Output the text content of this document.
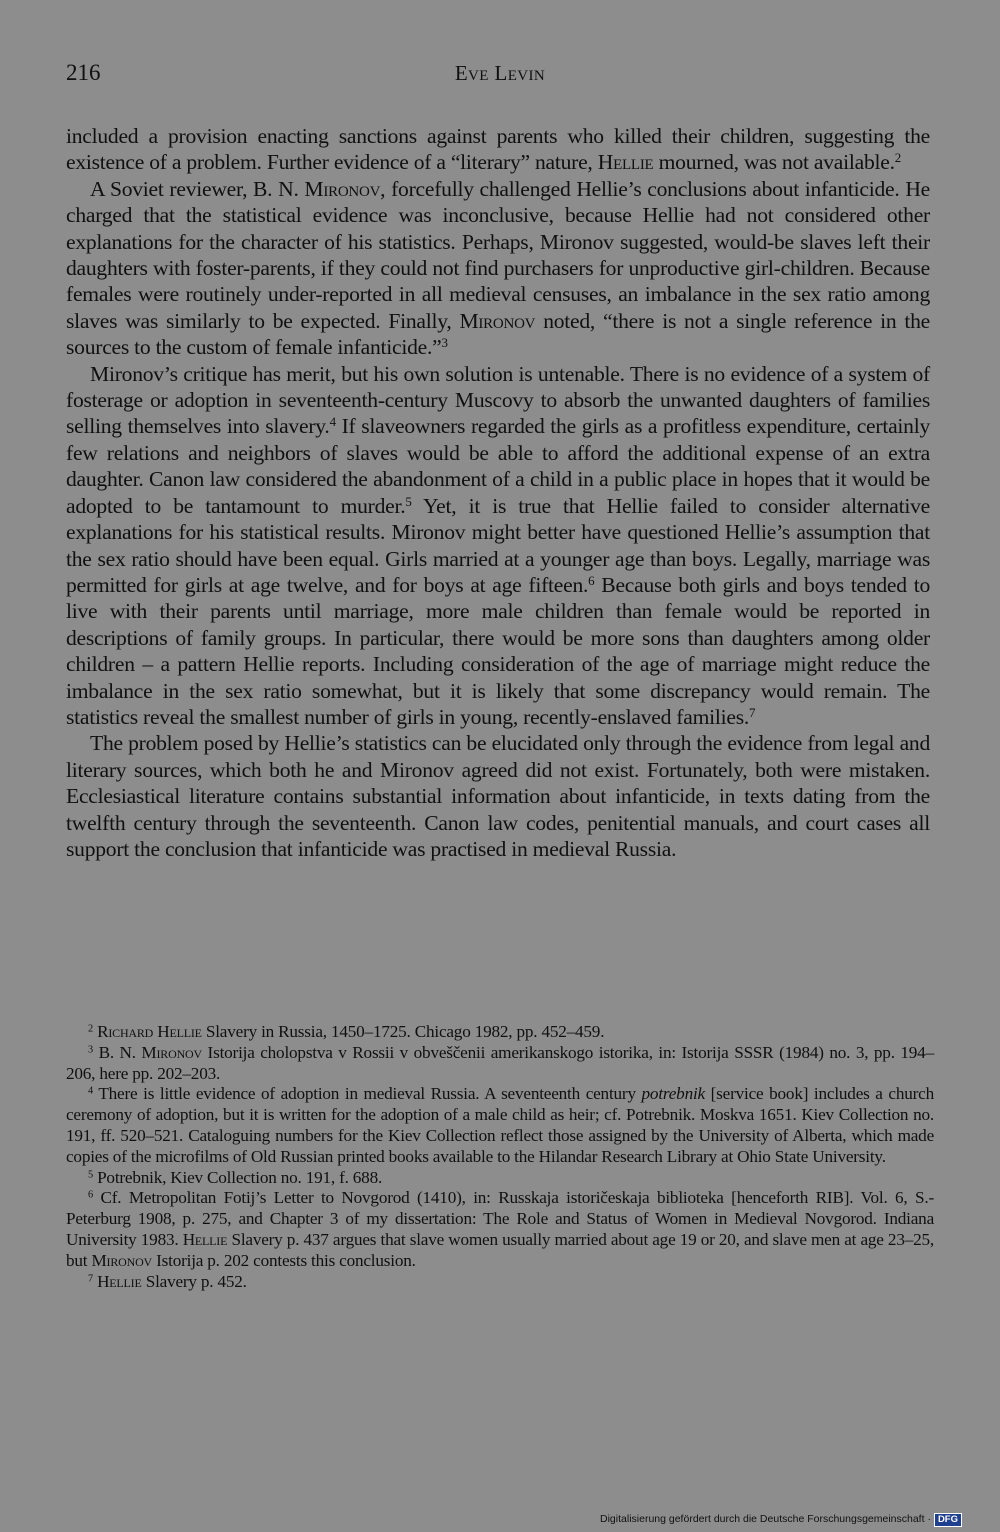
216	Eve Levin

included a provision enacting sanctions against parents who killed their children, suggesting the existence of a problem. Further evidence of a “literary” nature, Hellie mourned, was not available.$^2$

A Soviet reviewer, B. N. Mironov, forcefully challenged Hellie’s conclusions about infanticide. He charged that the statistical evidence was inconclusive, because Hellie had not considered other explanations for the character of his statistics. Perhaps, Mironov suggested, would-be slaves left their daughters with foster-parents, if they could not find purchasers for unproductive girl-children. Because females were routinely under-reported in all medieval censuses, an imbalance in the sex ratio among slaves was similarly to be expected. Finally, Mironov noted, “there is not a single reference in the sources to the custom of female infanticide.”$^3$

Mironov’s critique has merit, but his own solution is untenable. There is no evidence of a system of fosterage or adoption in seventeenth-century Muscovy to absorb the unwanted daughters of families selling themselves into slavery.$^4$ If slaveowners regarded the girls as a profitless expenditure, certainly few relations and neighbors of slaves would be able to afford the additional expense of an extra daughter. Canon law considered the abandonment of a child in a public place in hopes that it would be adopted to be tantamount to murder.$^5$ Yet, it is true that Hellie failed to consider alternative explanations for his statistical results. Mironov might better have questioned Hellie’s assumption that the sex ratio should have been equal. Girls married at a younger age than boys. Legally, marriage was permitted for girls at age twelve, and for boys at age fifteen.$^6$ Because both girls and boys tended to live with their parents until marriage, more male children than female would be reported in descriptions of family groups. In particular, there would be more sons than daughters among older children – a pattern Hellie reports. Including consideration of the age of marriage might reduce the imbalance in the sex ratio somewhat, but it is likely that some discrepancy would remain. The statistics reveal the smallest number of girls in young, recently-enslaved families.$^7$

The problem posed by Hellie’s statistics can be elucidated only through the evidence from legal and literary sources, which both he and Mironov agreed did not exist. Fortunately, both were mistaken. Ecclesiastical literature contains substantial information about infanticide, in texts dating from the twelfth century through the seventeenth. Canon law codes, penitential manuals, and court cases all support the conclusion that infanticide was practised in medieval Russia.

$^2$ Richard Hellie Slavery in Russia, 1450–1725. Chicago 1982, pp. 452–459.

$^3$ B. N. Mironov Istorija cholopstva v Rossii v obveščenii amerikanskogo istorika, in: Istorija SSSR (1984) no. 3, pp. 194–206, here pp. 202–203.

$^4$ There is little evidence of adoption in medieval Russia. A seventeenth century potrebnik [service book] includes a church ceremony of adoption, but it is written for the adoption of a male child as heir; cf. Potrebnik. Moskva 1651. Kiev Collection no. 191, ff. 520–521. Cataloguing numbers for the Kiev Collection reflect those assigned by the University of Alberta, which made copies of the microfilms of Old Russian printed books available to the Hilandar Research Library at Ohio State University.

$^5$ Potrebnik, Kiev Collection no. 191, f. 688.

$^6$ Cf. Metropolitan Fotij’s Letter to Novgorod (1410), in: Russkaja istoričeskaja biblioteka [henceforth RIB]. Vol. 6, S.-Peterburg 1908, p. 275, and Chapter 3 of my dissertation: The Role and Status of Women in Medieval Novgorod. Indiana University 1983. Hellie Slavery p. 437 argues that slave women usually married about age 19 or 20, and slave men at age 23–25, but Mironov Istorija p. 202 contests this conclusion.

$^7$ Hellie Slavery p. 452.

Digitalisierung gefördert durch die Deutsche Forschungsgemeinschaft · DFG
